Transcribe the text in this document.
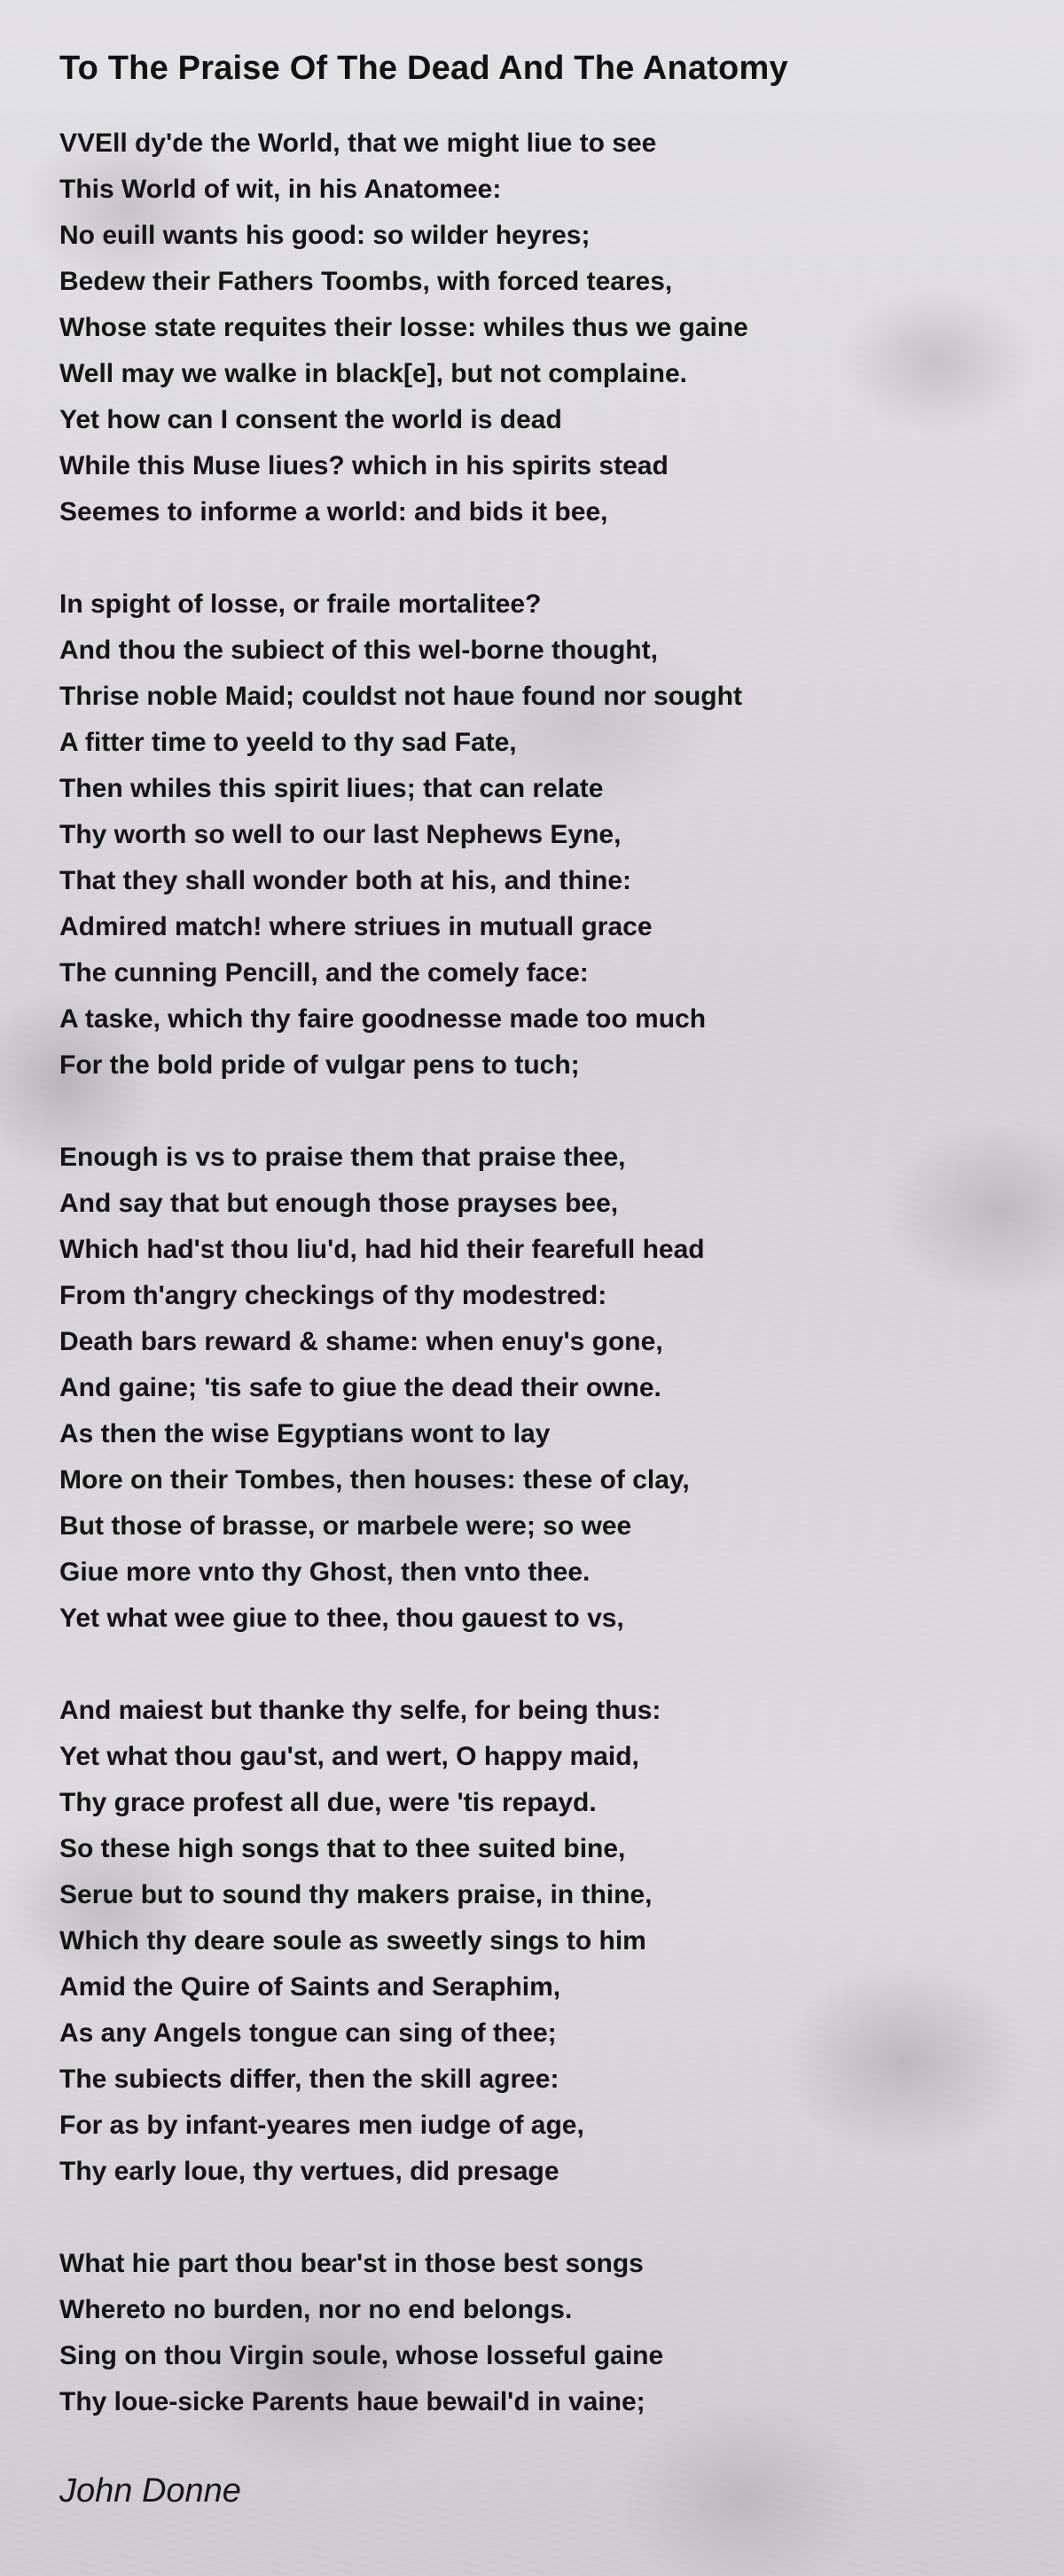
To The Praise Of The Dead And The Anatomy
VVEll dy'de the World, that we might liue to see
This World of wit, in his Anatomee:
No euill wants his good: so wilder heyres;
Bedew their Fathers Toombs, with forced teares,
Whose state requites their losse: whiles thus we gaine
Well may we walke in black[e], but not complaine.
Yet how can I consent the world is dead
While this Muse liues? which in his spirits stead
Seemes to informe a world: and bids it bee,
In spight of losse, or fraile mortalitee?
And thou the subiect of this wel-borne thought,
Thrise noble Maid; couldst not haue found nor sought
A fitter time to yeeld to thy sad Fate,
Then whiles this spirit liues; that can relate
Thy worth so well to our last Nephews Eyne,
That they shall wonder both at his, and thine:
Admired match! where striues in mutuall grace
The cunning Pencill, and the comely face:
A taske, which thy faire goodnesse made too much
For the bold pride of vulgar pens to tuch;
Enough is vs to praise them that praise thee,
And say that but enough those prayses bee,
Which had'st thou liu'd, had hid their fearefull head
From th'angry checkings of thy modestred:
Death bars reward & shame: when enuy's gone,
And gaine; 'tis safe to giue the dead their owne.
As then the wise Egyptians wont to lay
More on their Tombes, then houses: these of clay,
But those of brasse, or marbele were; so wee
Giue more vnto thy Ghost, then vnto thee.
Yet what wee giue to thee, thou gauest to vs,
And maiest but thanke thy selfe, for being thus:
Yet what thou gau'st, and wert, O happy maid,
Thy grace profest all due, were 'tis repayd.
So these high songs that to thee suited bine,
Serue but to sound thy makers praise, in thine,
Which thy deare soule as sweetly sings to him
Amid the Quire of Saints and Seraphim,
As any Angels tongue can sing of thee;
The subiects differ, then the skill agree:
For as by infant-yeares men iudge of age,
Thy early loue, thy vertues, did presage
What hie part thou bear'st in those best songs
Whereto no burden, nor no end belongs.
Sing on thou Virgin soule, whose losseful gaine
Thy loue-sicke Parents haue bewail'd in vaine;
John Donne
